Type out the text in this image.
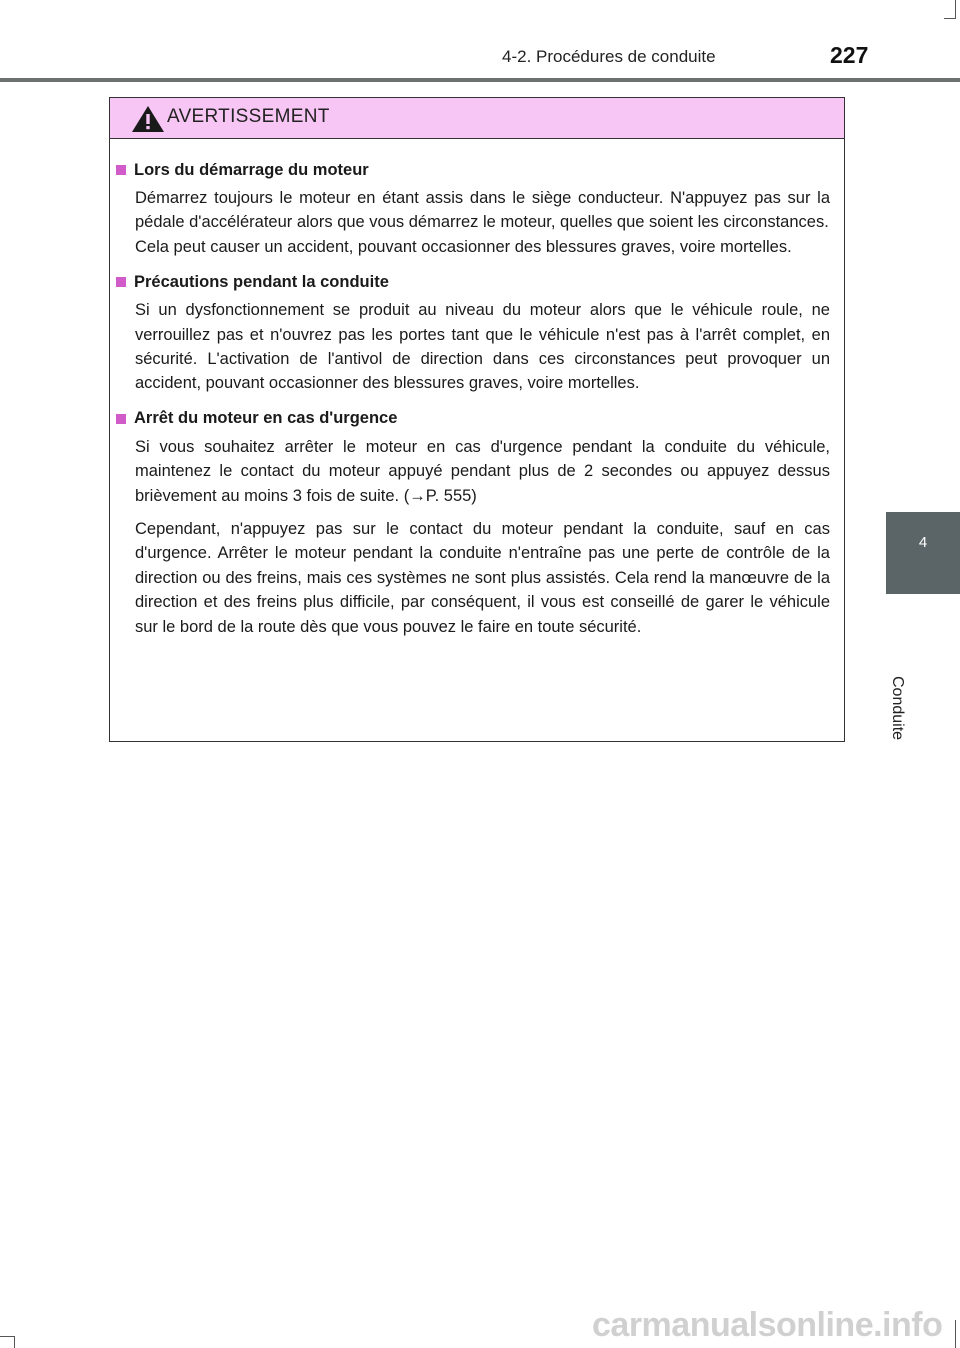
4-2. Procédures de conduite	227
4
Conduite
AVERTISSEMENT
Lors du démarrage du moteur
Démarrez toujours le moteur en étant assis dans le siège conducteur. N'appuyez pas sur la pédale d'accélérateur alors que vous démarrez le moteur, quelles que soient les circonstances.
Cela peut causer un accident, pouvant occasionner des blessures graves, voire mortelles.
Précautions pendant la conduite
Si un dysfonctionnement se produit au niveau du moteur alors que le véhicule roule, ne verrouillez pas et n'ouvrez pas les portes tant que le véhicule n'est pas à l'arrêt complet, en sécurité. L'activation de l'antivol de direction dans ces circonstances peut provoquer un accident, pouvant occasionner des blessures graves, voire mortelles.
Arrêt du moteur en cas d'urgence
Si vous souhaitez arrêter le moteur en cas d'urgence pendant la conduite du véhicule, maintenez le contact du moteur appuyé pendant plus de 2 secondes ou appuyez dessus brièvement au moins 3 fois de suite. (→P. 555)
Cependant, n'appuyez pas sur le contact du moteur pendant la conduite, sauf en cas d'urgence. Arrêter le moteur pendant la conduite n'entraîne pas une perte de contrôle de la direction ou des freins, mais ces systèmes ne sont plus assistés. Cela rend la manœuvre de la direction et des freins plus difficile, par conséquent, il vous est conseillé de garer le véhicule sur le bord de la route dès que vous pouvez le faire en toute sécurité.
carmanualsonline.info
